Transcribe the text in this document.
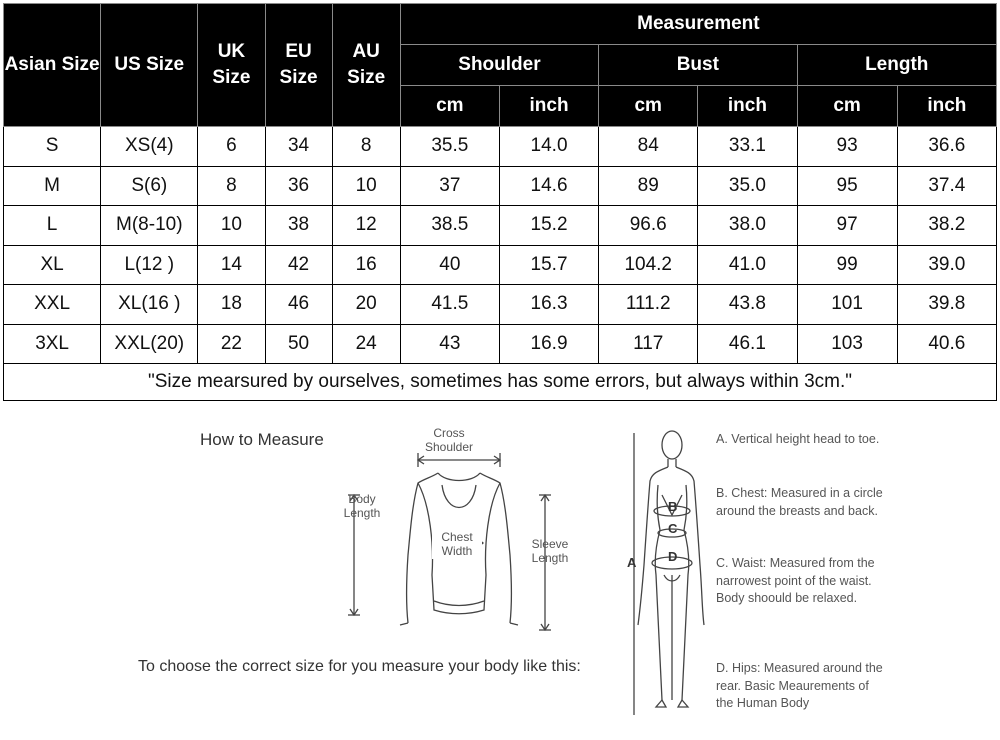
Asian Size	US Size	UK Size	EU Size	AU Size	Measurement					
					Shoulder		Bust		Length	
					cm	inch	cm	inch	cm	inch
S	XS(4)	6	34	8	35.5	14.0	84	33.1	93	36.6
M	S(6)	8	36	10	37	14.6	89	35.0	95	37.4
L	M(8-10)	10	38	12	38.5	15.2	96.6	38.0	97	38.2
XL	L(12 )	14	42	16	40	15.7	104.2	41.0	99	39.0
XXL	XL(16 )	18	46	20	41.5	16.3	111.2	43.8	101	39.8
3XL	XXL(20)	22	50	24	43	16.9	117	46.1	103	40.6
"Size mearsured by ourselves, sometimes has some errors, but always within 3cm."										
How to Measure	Cross Shoulder
Body Length
Chest Width	Sleeve Length
To choose the correct size for you measure your body like this:
A
B
C
D
A. Vertical height head to toe.
B. Chest: Measured in a circle around the breasts and back.
C. Waist: Measured from the narrowest point of the waist. Body shoould be relaxed.
D. Hips: Measured around the rear. Basic Meaurements of the Human Body
